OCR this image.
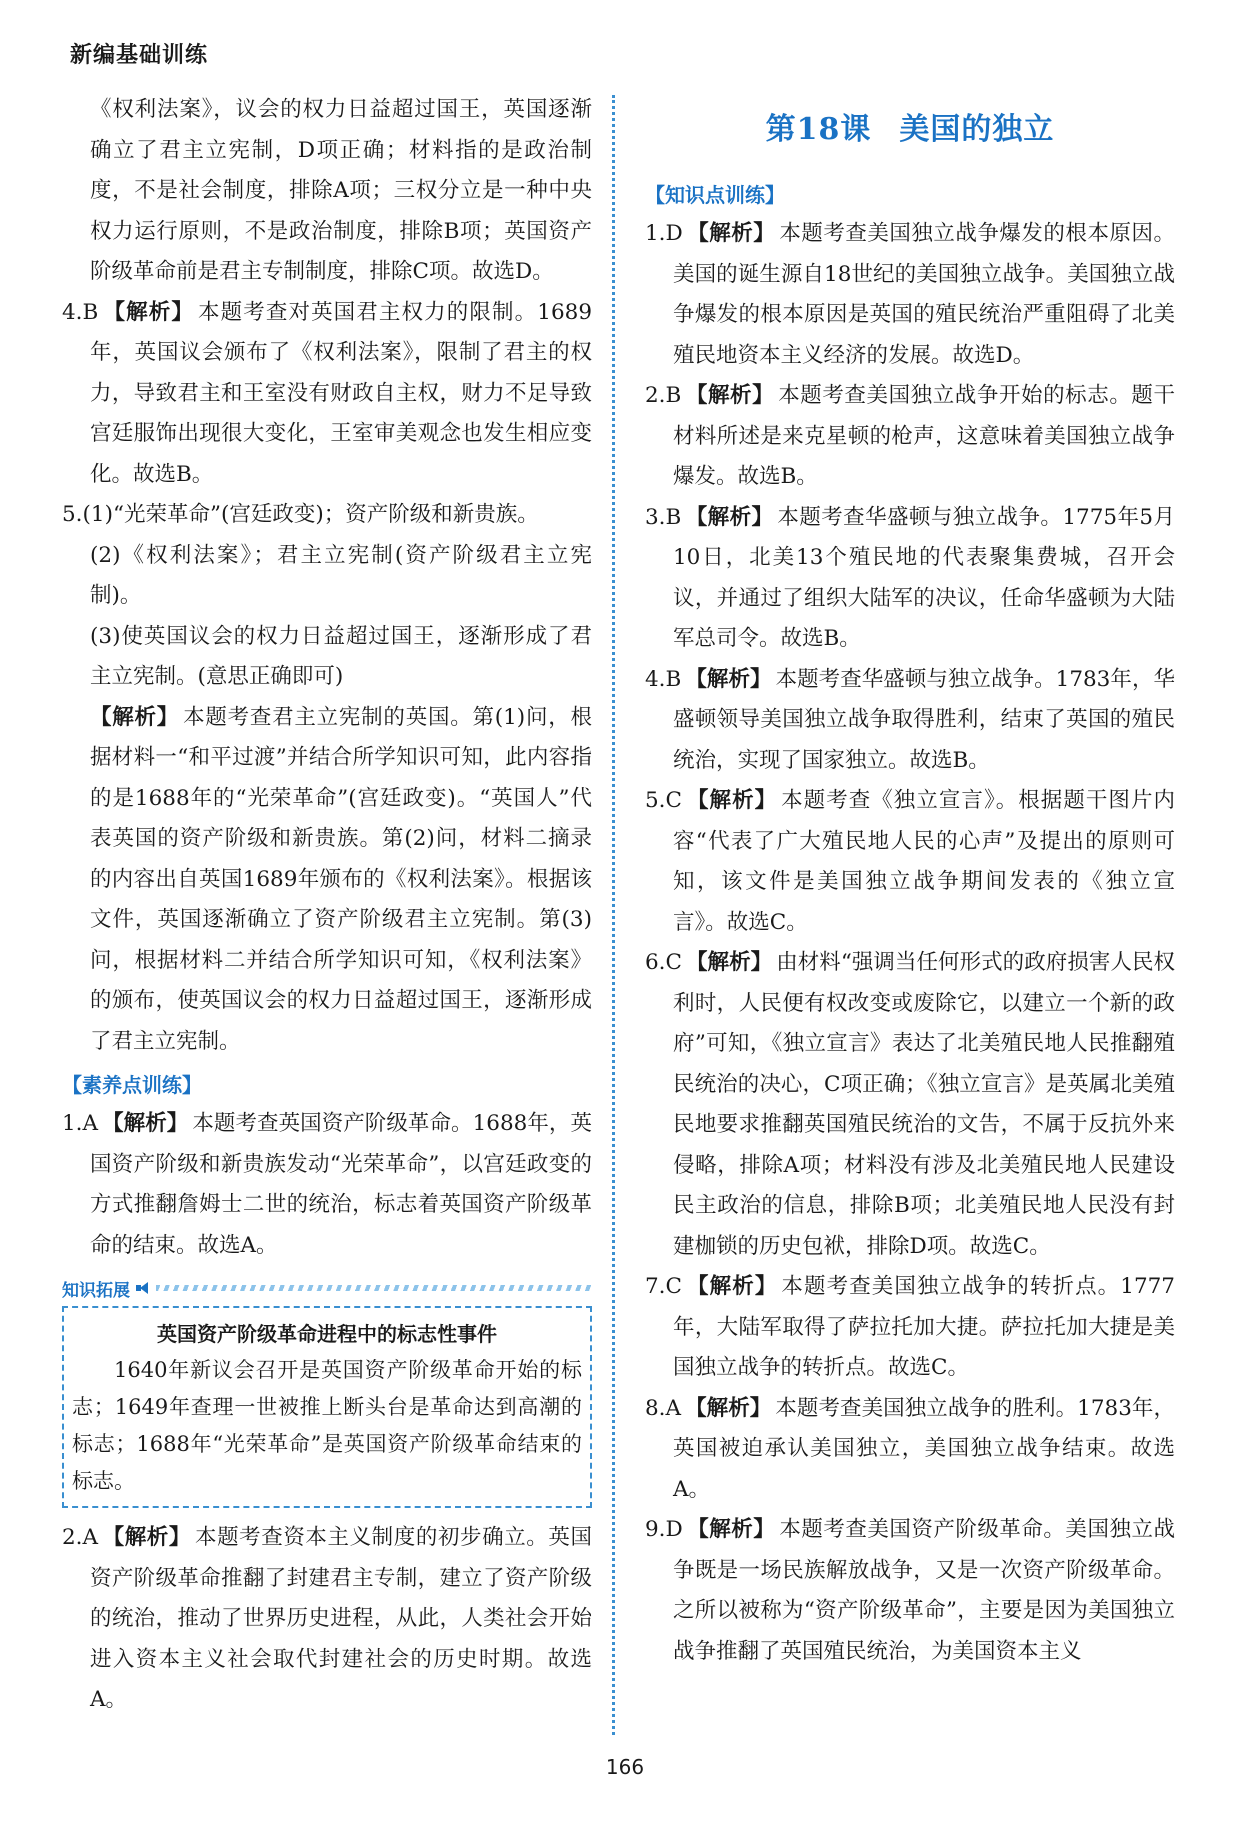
新编基础训练

《权利法案》，议会的权力日益超过国王，英国逐渐确立了君主立宪制，D项正确；材料指的是政治制度，不是社会制度，排除A项；三权分立是一种中央权力运行原则，不是政治制度，排除B项；英国资产阶级革命前是君主专制制度，排除C项。故选D。

4.B 【解析】 本题考查对英国君主权力的限制。1689年，英国议会颁布了《权利法案》，限制了君主的权力，导致君主和王室没有财政自主权，财力不足导致宫廷服饰出现很大变化，王室审美观念也发生相应变化。故选B。

5.(1)“光荣革命”(宫廷政变)；资产阶级和新贵族。

(2)《权利法案》；君主立宪制(资产阶级君主立宪制)。

(3)使英国议会的权力日益超过国王，逐渐形成了君主立宪制。(意思正确即可)

【解析】 本题考查君主立宪制的英国。第(1)问，根据材料一“和平过渡”并结合所学知识可知，此内容指的是1688年的“光荣革命”(宫廷政变)。“英国人”代表英国的资产阶级和新贵族。第(2)问，材料二摘录的内容出自英国1689年颁布的《权利法案》。根据该文件，英国逐渐确立了资产阶级君主立宪制。第(3)问，根据材料二并结合所学知识可知，《权利法案》的颁布，使英国议会的权力日益超过国王，逐渐形成了君主立宪制。

【素养点训练】

1.A 【解析】 本题考查英国资产阶级革命。1688年，英国资产阶级和新贵族发动“光荣革命”，以宫廷政变的方式推翻詹姆士二世的统治，标志着英国资产阶级革命的结束。故选A。

知识拓展
英国资产阶级革命进程中的标志性事件

1640年新议会召开是英国资产阶级革命开始的标志；1649年查理一世被推上断头台是革命达到高潮的标志；1688年“光荣革命”是英国资产阶级革命结束的标志。

2.A 【解析】 本题考查资本主义制度的初步确立。英国资产阶级革命推翻了封建君主专制，建立了资产阶级的统治，推动了世界历史进程，从此，人类社会开始进入资本主义社会取代封建社会的历史时期。故选A。

第18课 美国的独立
【知识点训练】

1.D 【解析】 本题考查美国独立战争爆发的根本原因。美国的诞生源自18世纪的美国独立战争。美国独立战争爆发的根本原因是英国的殖民统治严重阻碍了北美殖民地资本主义经济的发展。故选D。

2.B 【解析】 本题考查美国独立战争开始的标志。题干材料所述是来克星顿的枪声，这意味着美国独立战争爆发。故选B。

3.B 【解析】 本题考查华盛顿与独立战争。1775年5月10日，北美13个殖民地的代表聚集费城，召开会议，并通过了组织大陆军的决议，任命华盛顿为大陆军总司令。故选B。

4.B 【解析】 本题考查华盛顿与独立战争。1783年，华盛顿领导美国独立战争取得胜利，结束了英国的殖民统治，实现了国家独立。故选B。

5.C 【解析】 本题考查《独立宣言》。根据题干图片内容“代表了广大殖民地人民的心声”及提出的原则可知，该文件是美国独立战争期间发表的《独立宣言》。故选C。

6.C 【解析】 由材料“强调当任何形式的政府损害人民权利时，人民便有权改变或废除它，以建立一个新的政府”可知，《独立宣言》表达了北美殖民地人民推翻殖民统治的决心，C项正确；《独立宣言》是英属北美殖民地要求推翻英国殖民统治的文告，不属于反抗外来侵略，排除A项；材料没有涉及北美殖民地人民建设民主政治的信息，排除B项；北美殖民地人民没有封建枷锁的历史包袱，排除D项。故选C。

7.C 【解析】 本题考查美国独立战争的转折点。1777年，大陆军取得了萨拉托加大捷。萨拉托加大捷是美国独立战争的转折点。故选C。

8.A 【解析】 本题考查美国独立战争的胜利。1783年，英国被迫承认美国独立，美国独立战争结束。故选A。

9.D 【解析】 本题考查美国资产阶级革命。美国独立战争既是一场民族解放战争，又是一次资产阶级革命。之所以被称为“资产阶级革命”，主要是因为美国独立战争推翻了英国殖民统治，为美国资本主义

166
